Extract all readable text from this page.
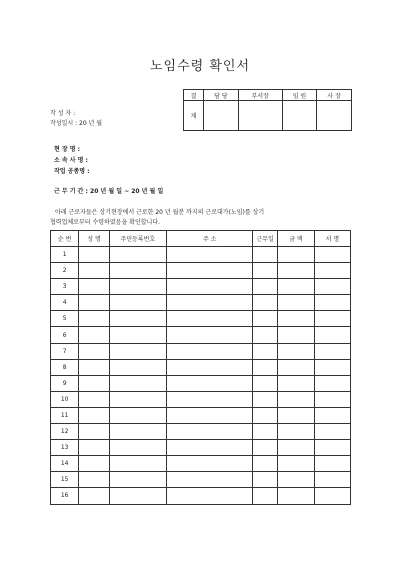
노임수령 확인서
결	담 당	부서장	임 원	사 장
재				
작 성 자 :
작성일시 : 20 년 월
현 장 명 :
소 속 사 명 :
작업 공종명 :
근 무 기 간 : 20 년 월 일 ~ 20 년 월 일
아래 근로자들은 상기현장에서 근로한 20 년 월분 까지의 근로대가(노임)를 상기
협력업체로부터 수령하였음을 확인합니다.
순 번	성 명	주민등록번호	주 소	근무일	금 액	서 명
1						
2						
3						
4						
5						
6						
7						
8						
9						
10						
11						
12						
13						
14						
15						
16						
